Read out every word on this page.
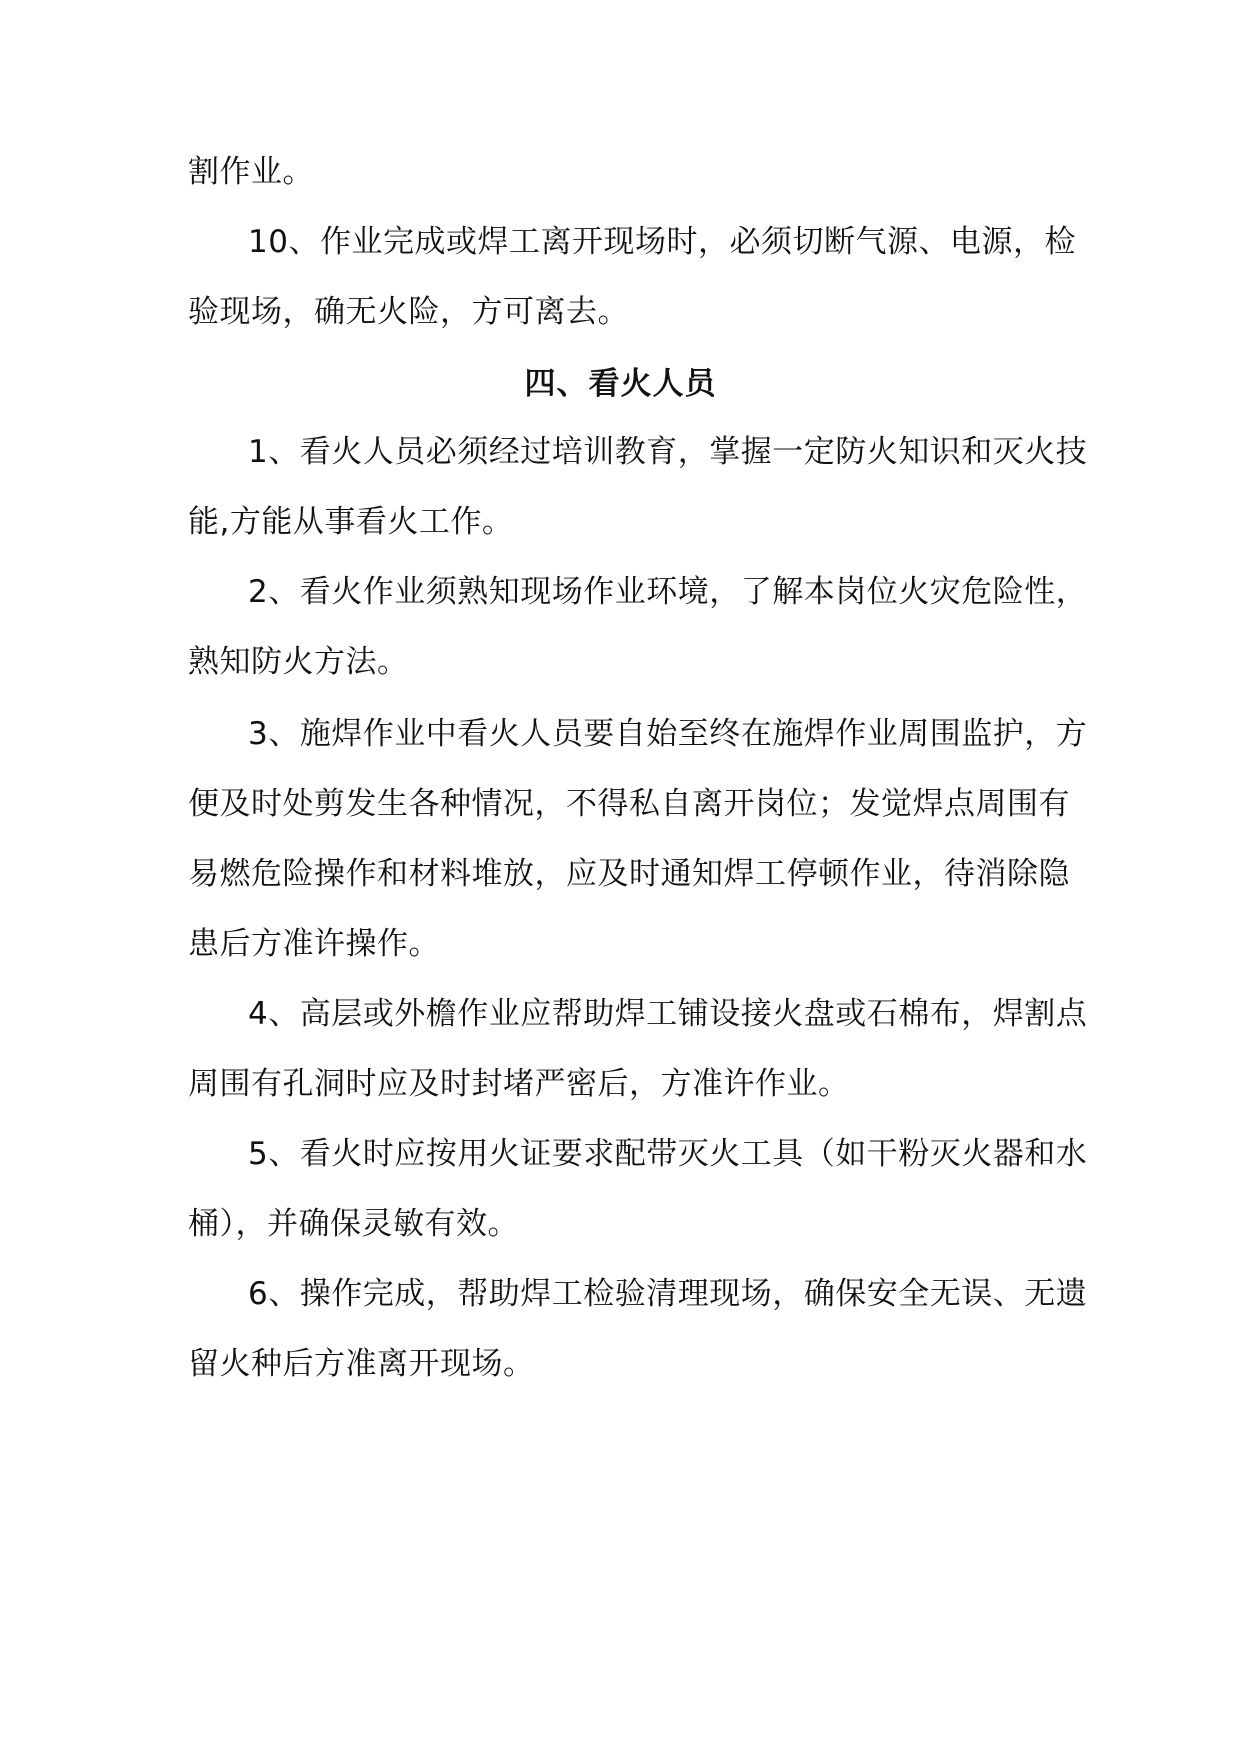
割作业。
10、作业完成或焊工离开现场时，必须切断气源、电源，检
验现场，确无火险，方可离去。
四、看火人员
1、看火人员必须经过培训教育，掌握一定防火知识和灭火技
能,方能从事看火工作。
2、看火作业须熟知现场作业环境，了解本岗位火灾危险性，
熟知防火方法。
3、施焊作业中看火人员要自始至终在施焊作业周围监护，方
便及时处剪发生各种情况，不得私自离开岗位；发觉焊点周围有
易燃危险操作和材料堆放，应及时通知焊工停顿作业，待消除隐
患后方准许操作。
4、高层或外檐作业应帮助焊工铺设接火盘或石棉布，焊割点
周围有孔洞时应及时封堵严密后，方准许作业。
5、看火时应按用火证要求配带灭火工具（如干粉灭火器和水
桶），并确保灵敏有效。
6、操作完成，帮助焊工检验清理现场，确保安全无误、无遗
留火种后方准离开现场。
